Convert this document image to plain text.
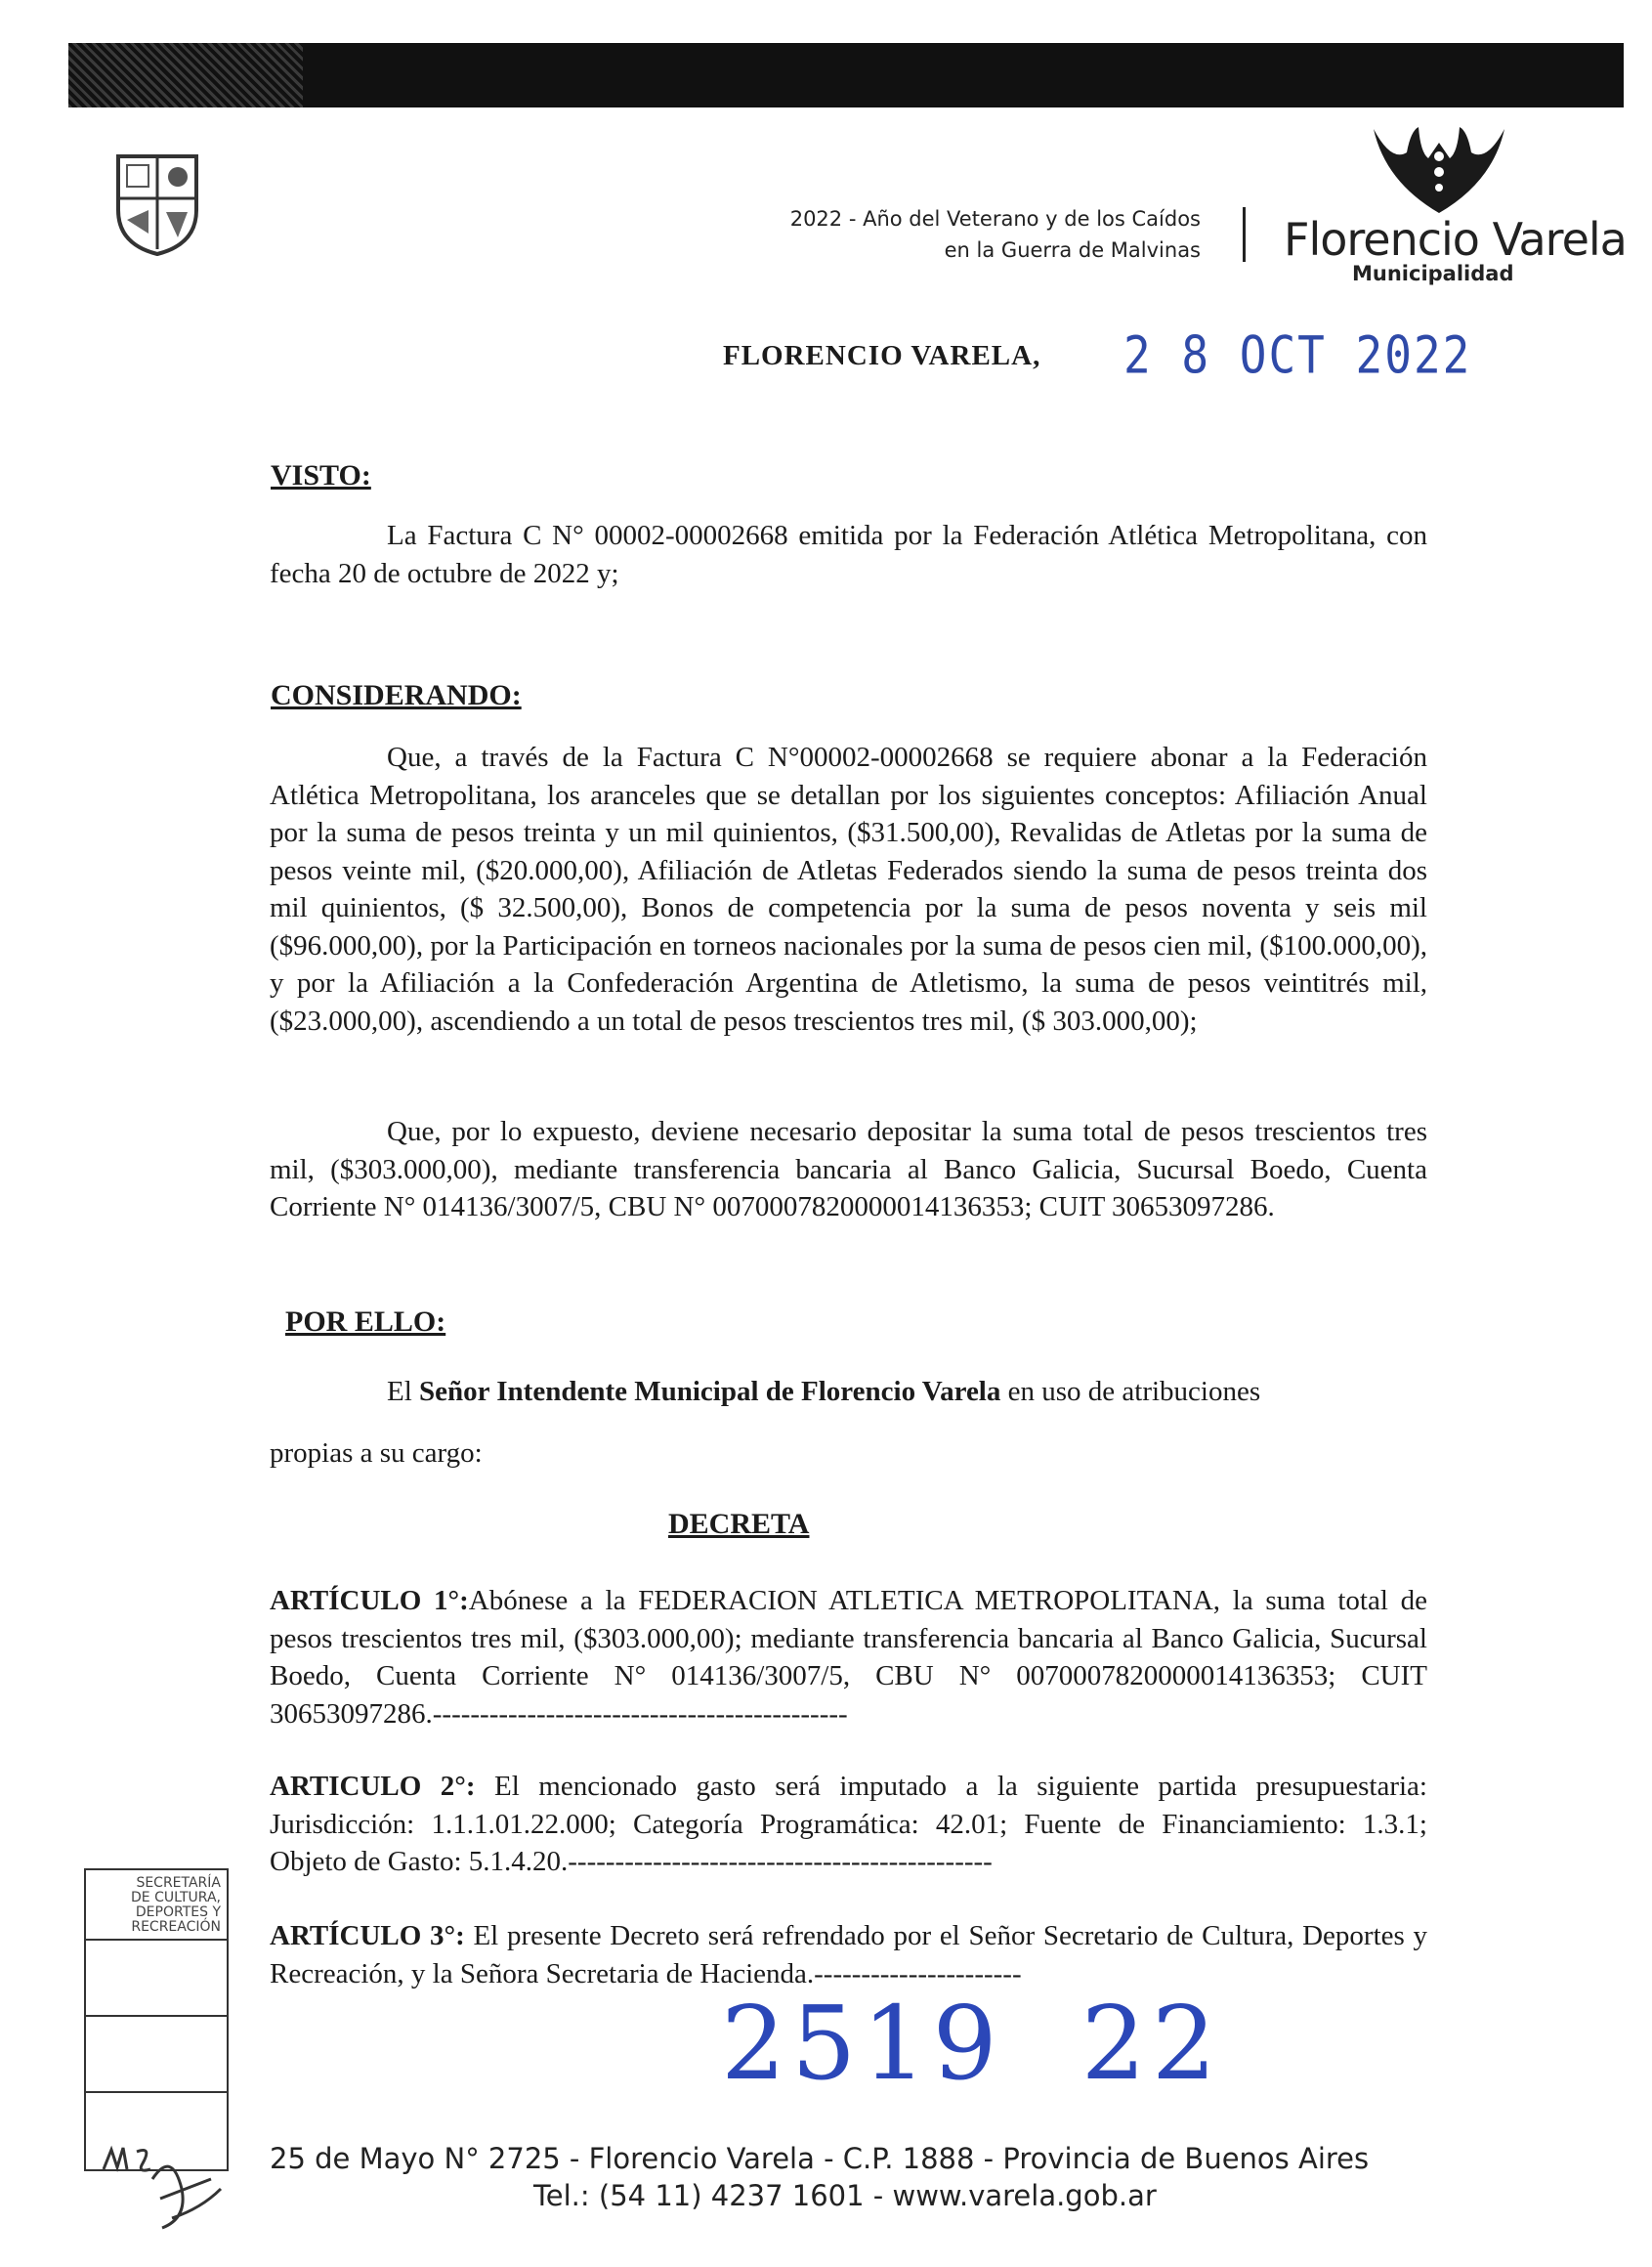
2022 - Año del Veterano y de los Caídos
en la Guerra de Malvinas Florencio Varela
Municipalidad
FLORENCIO VARELA, 2 8 OCT 2022
VISTO:
La Factura C N° 00002-00002668 emitida por la Federación Atlética Metropolitana, con fecha 20 de octubre de 2022 y;
CONSIDERANDO:
Que, a través de la Factura C N°00002-00002668 se requiere abonar a la Federación Atlética Metropolitana, los aranceles que se detallan por los siguientes conceptos: Afiliación Anual por la suma de pesos treinta y un mil quinientos, ($31.500,00), Revalidas de Atletas por la suma de pesos veinte mil, ($20.000,00), Afiliación de Atletas Federados siendo la suma de pesos treinta dos mil quinientos, ($ 32.500,00), Bonos de competencia por la suma de pesos noventa y seis mil ($96.000,00), por la Participación en torneos nacionales por la suma de pesos cien mil, ($100.000,00), y por la Afiliación a la Confederación Argentina de Atletismo, la suma de pesos veintitrés mil, ($23.000,00), ascendiendo a un total de pesos trescientos tres mil, ($ 303.000,00);
Que, por lo expuesto, deviene necesario depositar la suma total de pesos trescientos tres mil, ($303.000,00), mediante transferencia bancaria al Banco Galicia, Sucursal Boedo, Cuenta Corriente N° 014136/3007/5, CBU N° 0070007820000014136353; CUIT 30653097286.
POR ELLO:
El Señor Intendente Municipal de Florencio Varela en uso de atribuciones
propias a su cargo:
DECRETA
ARTÍCULO 1°:Abónese a la FEDERACION ATLETICA METROPOLITANA, la suma total de pesos trescientos tres mil, ($303.000,00); mediante transferencia bancaria al Banco Galicia, Sucursal Boedo, Cuenta Corriente N° 014136/3007/5, CBU N° 0070007820000014136353; CUIT 30653097286.--------------------------------------------
ARTICULO 2°: El mencionado gasto será imputado a la siguiente partida presupuestaria: Jurisdicción: 1.1.1.01.22.000; Categoría Programática: 42.01; Fuente de Financiamiento: 1.3.1; Objeto de Gasto: 5.1.4.20.---------------------------------------------
ARTÍCULO 3°: El presente Decreto será refrendado por el Señor Secretario de Cultura, Deportes y Recreación, y la Señora Secretaria de Hacienda.----------------------
2519 22
SECRETARÍA
DE CULTURA,
DEPORTES Y
RECREACIÓN
25 de Mayo N° 2725 - Florencio Varela - C.P. 1888 - Provincia de Buenos Aires
Tel.: (54 11) 4237 1601 - www.varela.gob.ar
